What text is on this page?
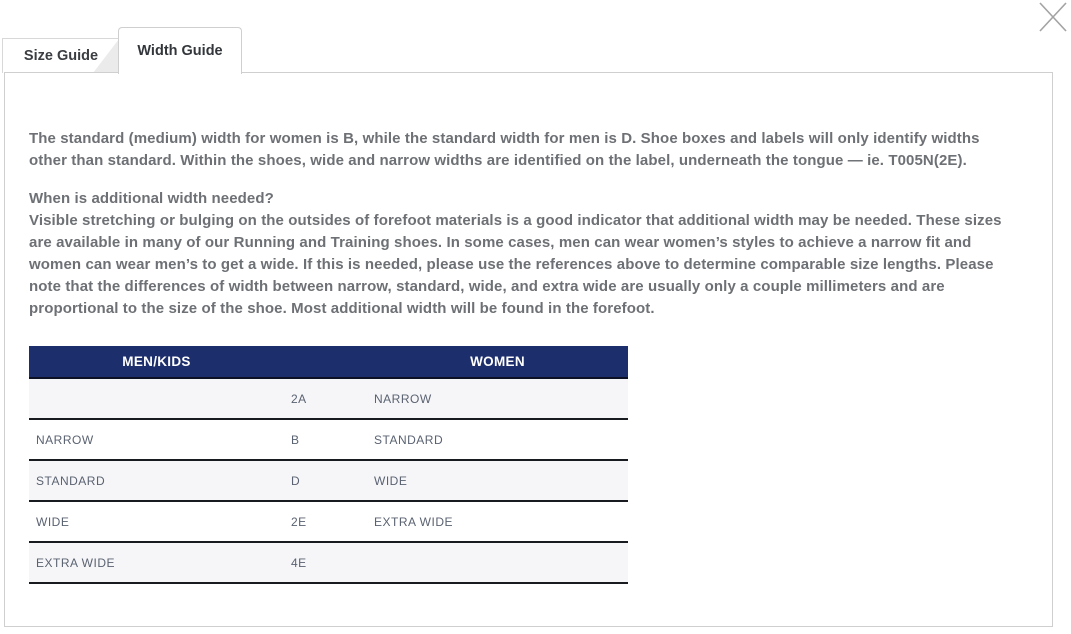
Size Guide	Width Guide

The standard (medium) width for women is B, while the standard width for men is D. Shoe boxes and labels will only identify widths other than standard. Within the shoes, wide and narrow widths are identified on the label, underneath the tongue — ie. T005N(2E).

When is additional width needed?

Visible stretching or bulging on the outsides of forefoot materials is a good indicator that additional width may be needed. These sizes are available in many of our Running and Training shoes. In some cases, men can wear women’s styles to achieve a narrow fit and women can wear men’s to get a wide. If this is needed, please use the references above to determine comparable size lengths. Please note that the differences of width between narrow, standard, wide, and extra wide are usually only a couple millimeters and are proportional to the size of the shoe. Most additional width will be found in the forefoot.

MEN/KIDS		WOMEN
	2A	NARROW
NARROW	B	STANDARD
STANDARD	D	WIDE
WIDE	2E	EXTRA WIDE
EXTRA WIDE	4E	
